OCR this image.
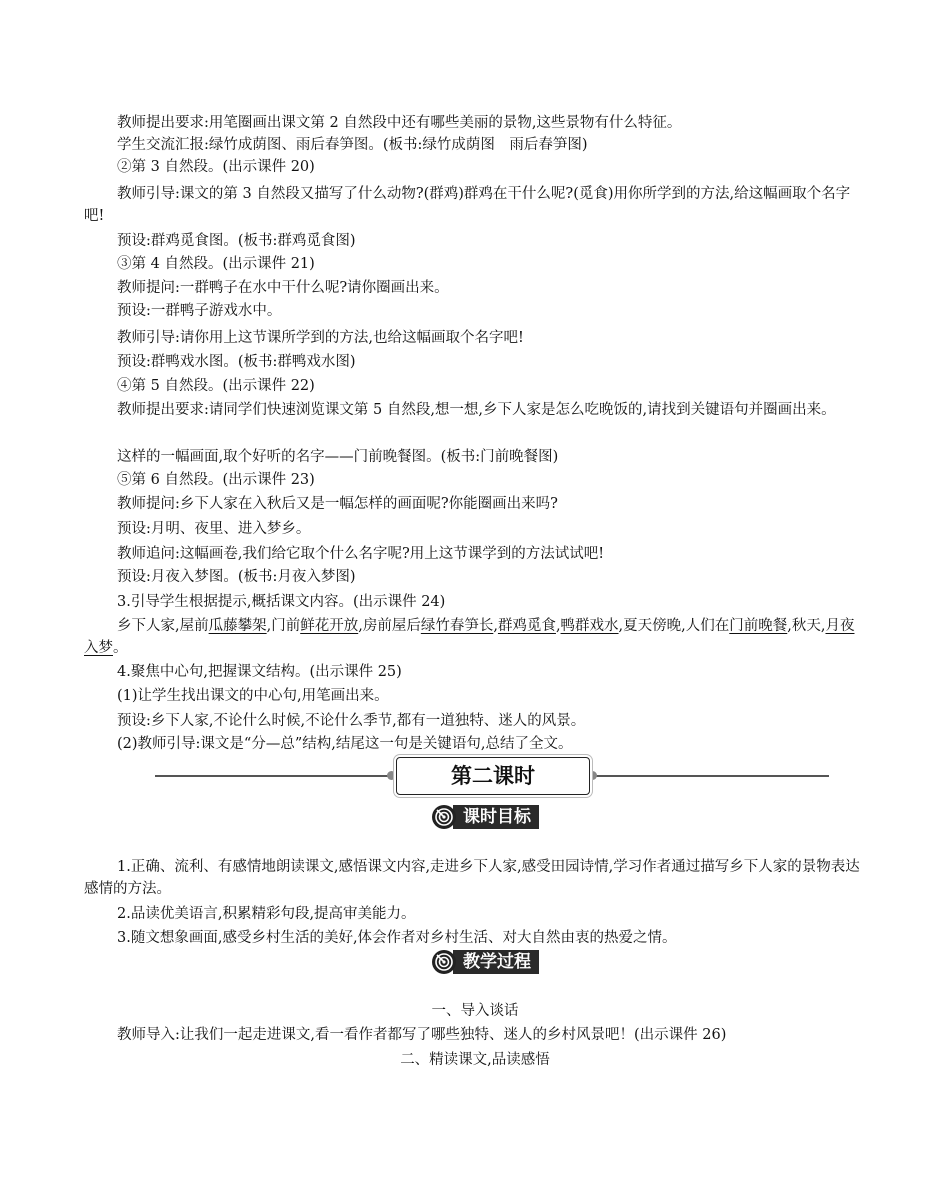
教师提出要求:用笔圈画出课文第 2 自然段中还有哪些美丽的景物,这些景物有什么特征。

学生交流汇报:绿竹成荫图、雨后春笋图。(板书:绿竹成荫图　雨后春笋图)

②第 3 自然段。(出示课件 20)

教师引导:课文的第 3 自然段又描写了什么动物?(群鸡)群鸡在干什么呢?(觅食)用你所学到的方法,给这幅画取个名字吧!

预设:群鸡觅食图。(板书:群鸡觅食图)

③第 4 自然段。(出示课件 21)

教师提问:一群鸭子在水中干什么呢?请你圈画出来。

预设:一群鸭子游戏水中。

教师引导:请你用上这节课所学到的方法,也给这幅画取个名字吧!

预设:群鸭戏水图。(板书:群鸭戏水图)

④第 5 自然段。(出示课件 22)

教师提出要求:请同学们快速浏览课文第 5 自然段,想一想,乡下人家是怎么吃晚饭的,请找到关键语句并圈画出来。

这样的一幅画面,取个好听的名字——门前晚餐图。(板书:门前晚餐图)

⑤第 6 自然段。(出示课件 23)

教师提问:乡下人家在入秋后又是一幅怎样的画面呢?你能圈画出来吗?

预设:月明、夜里、进入梦乡。

教师追问:这幅画卷,我们给它取个什么名字呢?用上这节课学到的方法试试吧!

预设:月夜入梦图。(板书:月夜入梦图)

3.引导学生根据提示,概括课文内容。(出示课件 24)

乡下人家,屋前瓜藤攀架,门前鲜花开放,房前屋后绿竹春笋长,群鸡觅食,鸭群戏水,夏天傍晚,人们在门前晚餐,秋天,月夜入梦。

4.聚焦中心句,把握课文结构。(出示课件 25)

(1)让学生找出课文的中心句,用笔画出来。

预设:乡下人家,不论什么时候,不论什么季节,都有一道独特、迷人的风景。

(2)教师引导:课文是“分—总”结构,结尾这一句是关键语句,总结了全文。

第二课时
课时目标

1.正确、流利、有感情地朗读课文,感悟课文内容,走进乡下人家,感受田园诗情,学习作者通过描写乡下人家的景物表达感情的方法。

2.品读优美语言,积累精彩句段,提高审美能力。

3.随文想象画面,感受乡村生活的美好,体会作者对乡村生活、对大自然由衷的热爱之情。

教学过程

一、导入谈话

教师导入:让我们一起走进课文,看一看作者都写了哪些独特、迷人的乡村风景吧！(出示课件 26)

二、精读课文,品读感悟
